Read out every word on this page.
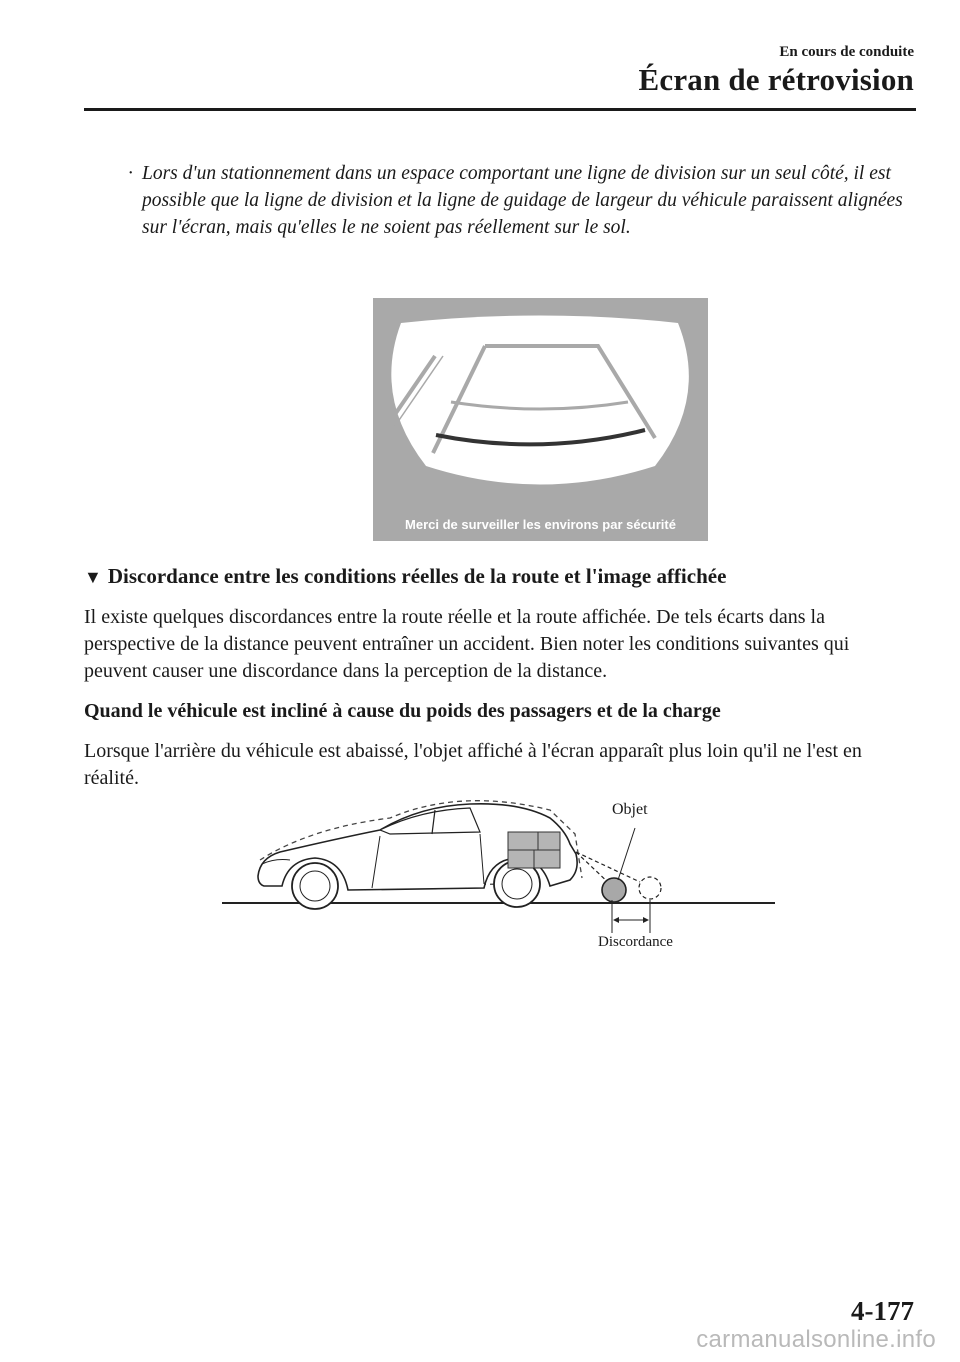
En cours de conduite
Écran de rétrovision
· Lors d'un stationnement dans un espace comportant une ligne de division sur un seul côté, il est possible que la ligne de division et la ligne de guidage de largeur du véhicule paraissent alignées sur l'écran, mais qu'elles le ne soient pas réellement sur le sol.
Merci de surveiller les environs par sécurité
▼ Discordance entre les conditions réelles de la route et l'image affichée
Il existe quelques discordances entre la route réelle et la route affichée. De tels écarts dans la perspective de la distance peuvent entraîner un accident. Bien noter les conditions suivantes qui peuvent causer une discordance dans la perception de la distance.
Quand le véhicule est incliné à cause du poids des passagers et de la charge
Lorsque l'arrière du véhicule est abaissé, l'objet affiché à l'écran apparaît plus loin qu'il ne l'est en réalité.
Objet
Discordance
4-177
carmanualsonline.info
